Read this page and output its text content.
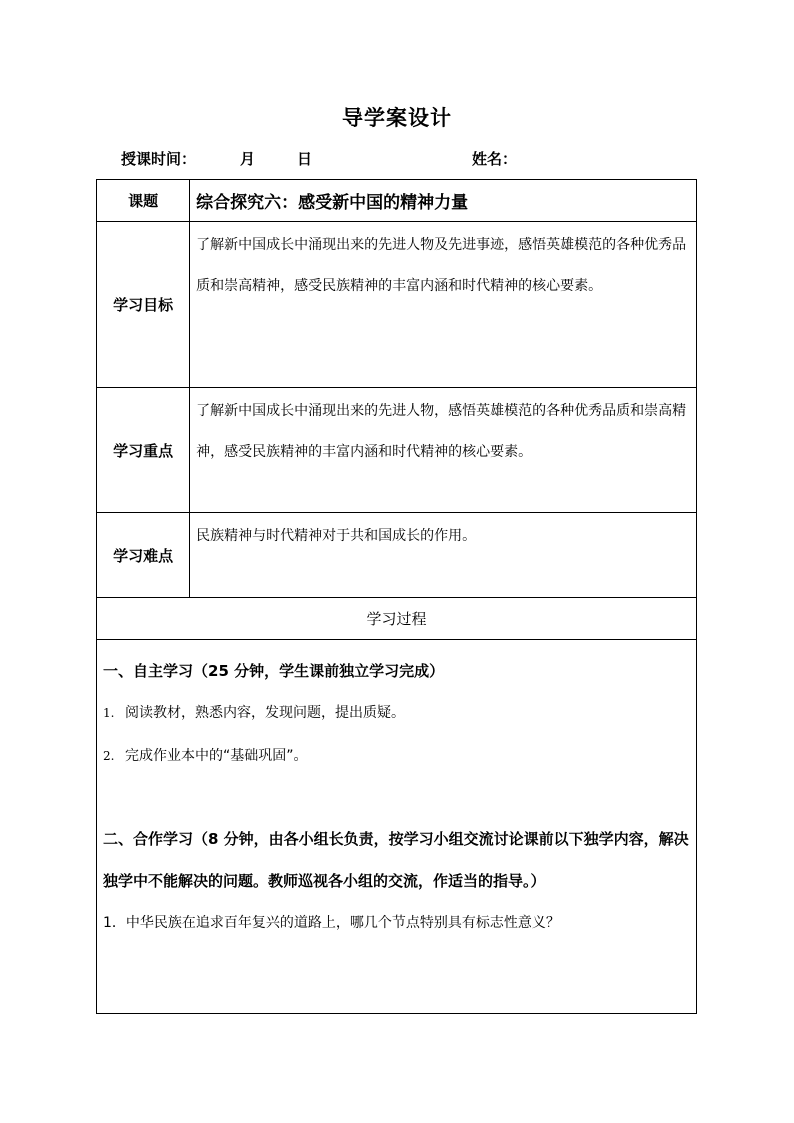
导学案设计
授课时间：	月	日	姓名：
课题	综合探究六：感受新中国的精神力量
学习目标	了解新中国成长中涌现出来的先进人物及先进事迹，感悟英雄模范的各种优秀品质和崇高精神，感受民族精神的丰富内涵和时代精神的核心要素。
学习重点	了解新中国成长中涌现出来的先进人物，感悟英雄模范的各种优秀品质和崇高精神，感受民族精神的丰富内涵和时代精神的核心要素。
学习难点	民族精神与时代精神对于共和国成长的作用。
学习过程	

一、自主学习（25 分钟，学生课前独立学习完成）

1. 阅读教材，熟悉内容，发现问题，提出质疑。

2. 完成作业本中的“基础巩固”。

二、合作学习（8 分钟，由各小组长负责，按学习小组交流讨论课前以下独学内容，解决独学中不能解决的问题。教师巡视各小组的交流，作适当的指导。）

1．中华民族在追求百年复兴的道路上，哪几个节点特别具有标志性意义？	
